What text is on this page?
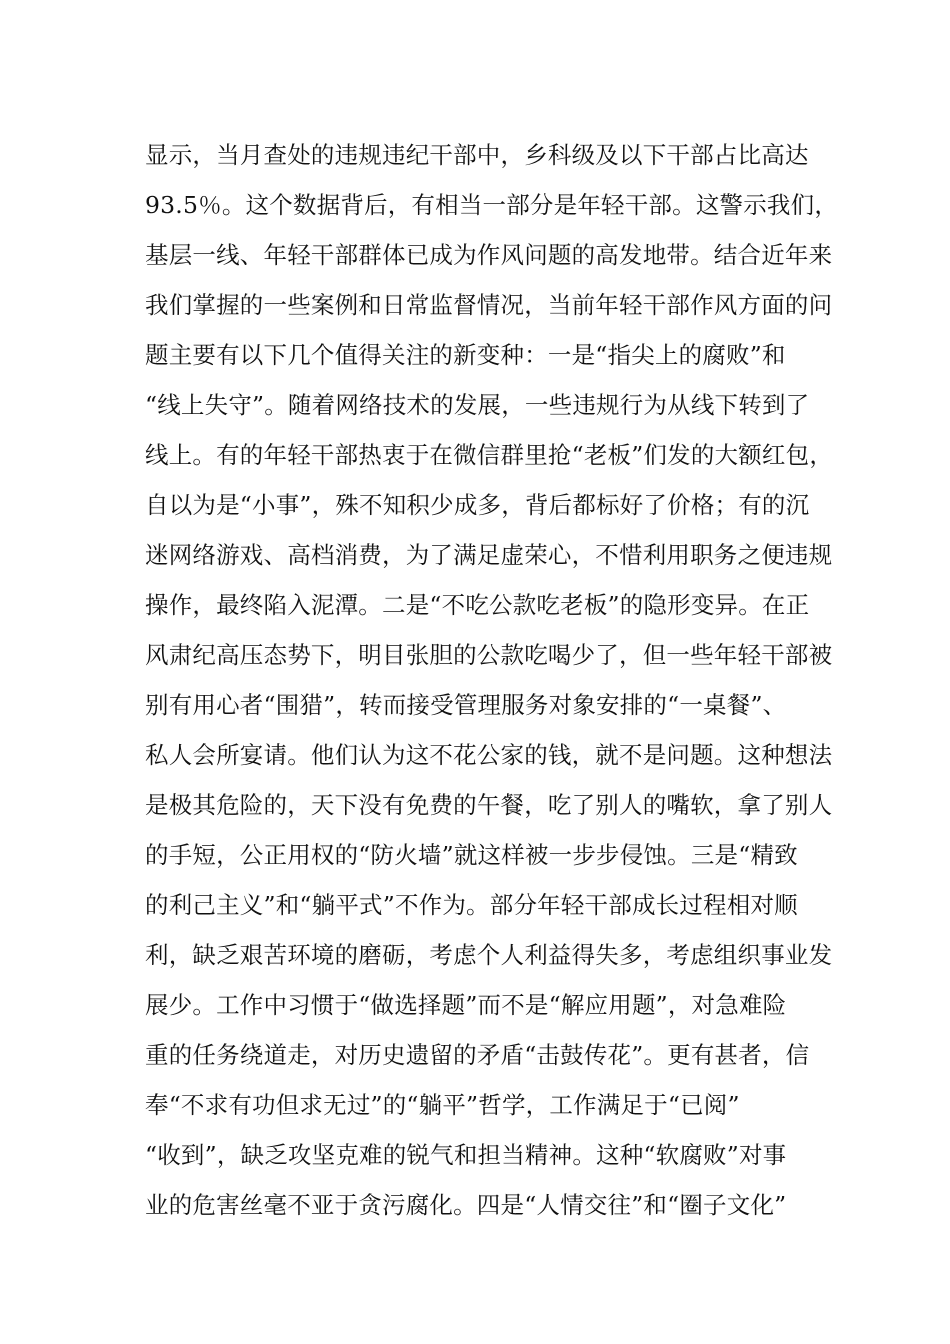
显示，当月查处的违规违纪干部中，乡科级及以下干部占比高达
93.5％。这个数据背后，有相当一部分是年轻干部。这警示我们，
基层一线、年轻干部群体已成为作风问题的高发地带。结合近年来
我们掌握的一些案例和日常监督情况，当前年轻干部作风方面的问
题主要有以下几个值得关注的新变种：一是“指尖上的腐败”和
“线上失守”。随着网络技术的发展，一些违规行为从线下转到了
线上。有的年轻干部热衷于在微信群里抢“老板”们发的大额红包，
自以为是“小事”，殊不知积少成多，背后都标好了价格；有的沉
迷网络游戏、高档消费，为了满足虚荣心，不惜利用职务之便违规
操作，最终陷入泥潭。二是“不吃公款吃老板”的隐形变异。在正
风肃纪高压态势下，明目张胆的公款吃喝少了，但一些年轻干部被
别有用心者“围猎”，转而接受管理服务对象安排的“一桌餐”、
私人会所宴请。他们认为这不花公家的钱，就不是问题。这种想法
是极其危险的，天下没有免费的午餐，吃了别人的嘴软，拿了别人
的手短，公正用权的“防火墙”就这样被一步步侵蚀。三是“精致
的利己主义”和“躺平式”不作为。部分年轻干部成长过程相对顺
利，缺乏艰苦环境的磨砺，考虑个人利益得失多，考虑组织事业发
展少。工作中习惯于“做选择题”而不是“解应用题”，对急难险
重的任务绕道走，对历史遗留的矛盾“击鼓传花”。更有甚者，信
奉“不求有功但求无过”的“躺平”哲学，工作满足于“已阅”
“收到”，缺乏攻坚克难的锐气和担当精神。这种“软腐败”对事
业的危害丝毫不亚于贪污腐化。四是“人情交往”和“圈子文化”
